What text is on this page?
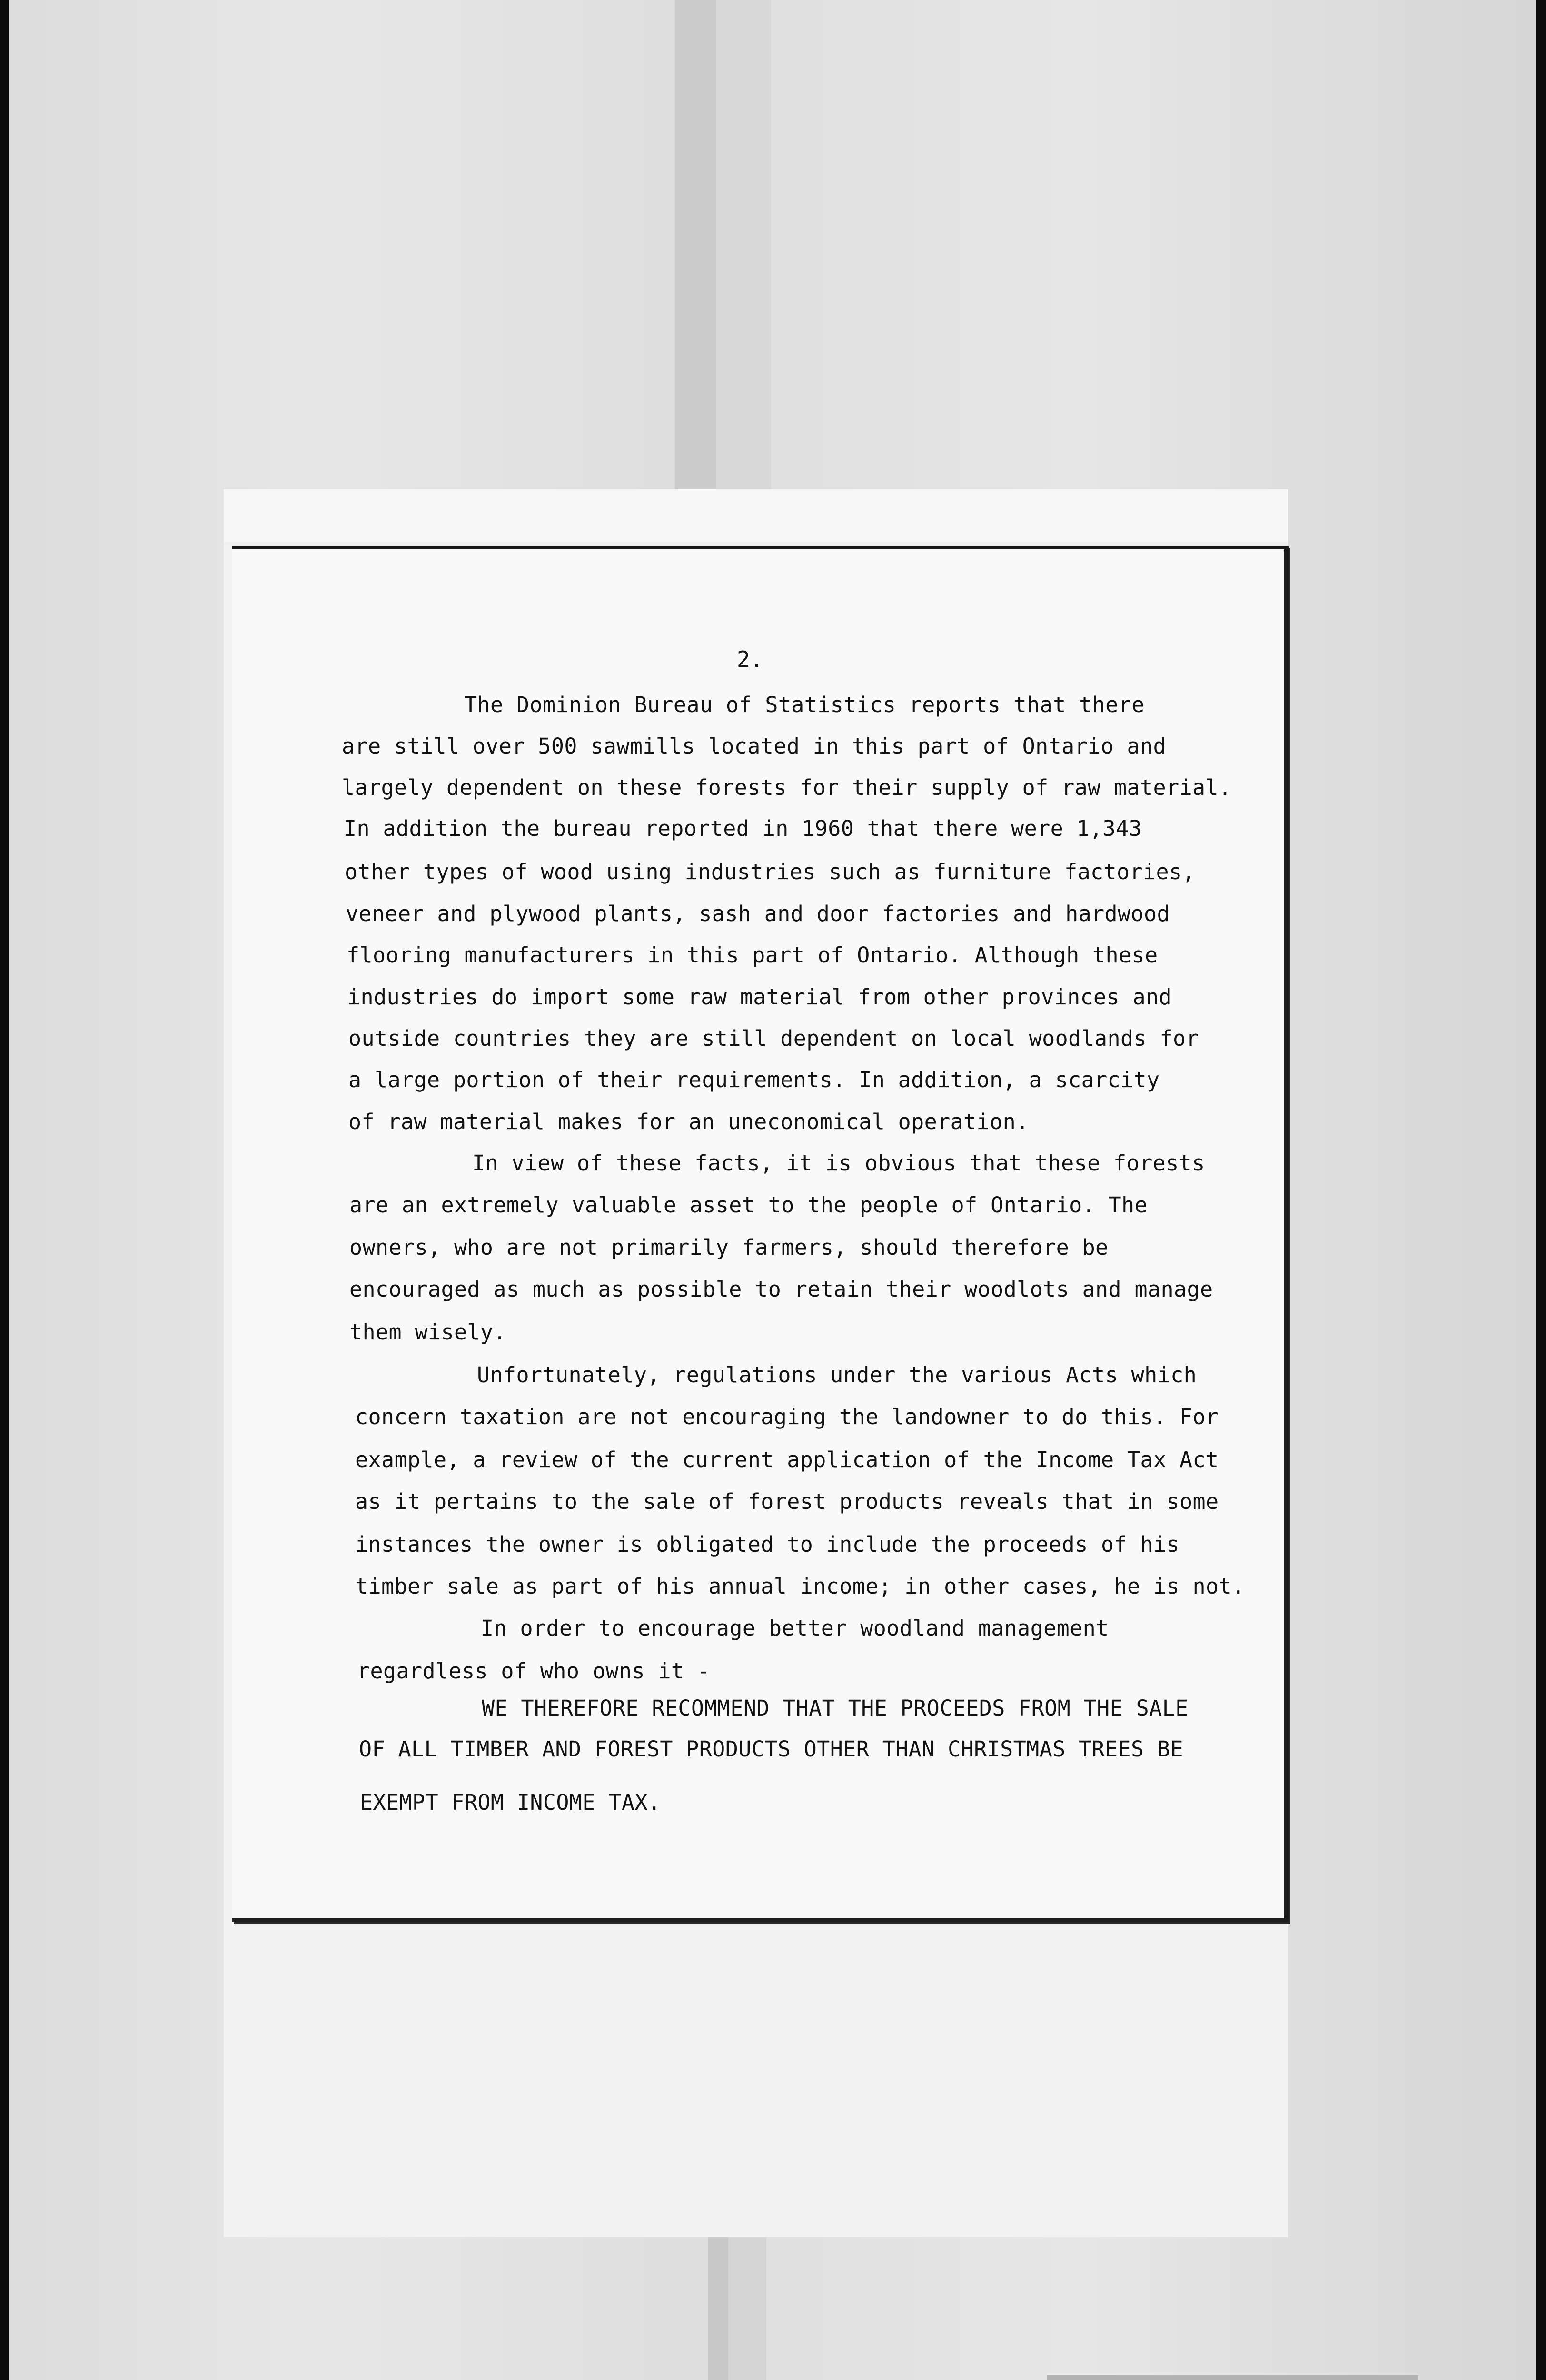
2.
The Dominion Bureau of Statistics reports that there
are still over 500 sawmills located in this part of Ontario and
largely dependent on these forests for their supply of raw material.
In addition the bureau reported in 1960 that there were 1,343
other types of wood using industries such as furniture factories,
veneer and plywood plants, sash and door factories and hardwood
flooring manufacturers in this part of Ontario. Although these
industries do import some raw material from other provinces and
outside countries they are still dependent on local woodlands for
a large portion of their requirements. In addition, a scarcity
of raw material makes for an uneconomical operation.
In view of these facts, it is obvious that these forests
are an extremely valuable asset to the people of Ontario. The
owners, who are not primarily farmers, should therefore be
encouraged as much as possible to retain their woodlots and manage
them wisely.
Unfortunately, regulations under the various Acts which
concern taxation are not encouraging the landowner to do this. For
example, a review of the current application of the Income Tax Act
as it pertains to the sale of forest products reveals that in some
instances the owner is obligated to include the proceeds of his
timber sale as part of his annual income; in other cases, he is not.
In order to encourage better woodland management
regardless of who owns it -
WE THEREFORE RECOMMEND THAT THE PROCEEDS FROM THE SALE
OF ALL TIMBER AND FOREST PRODUCTS OTHER THAN CHRISTMAS TREES BE
EXEMPT FROM INCOME TAX.
